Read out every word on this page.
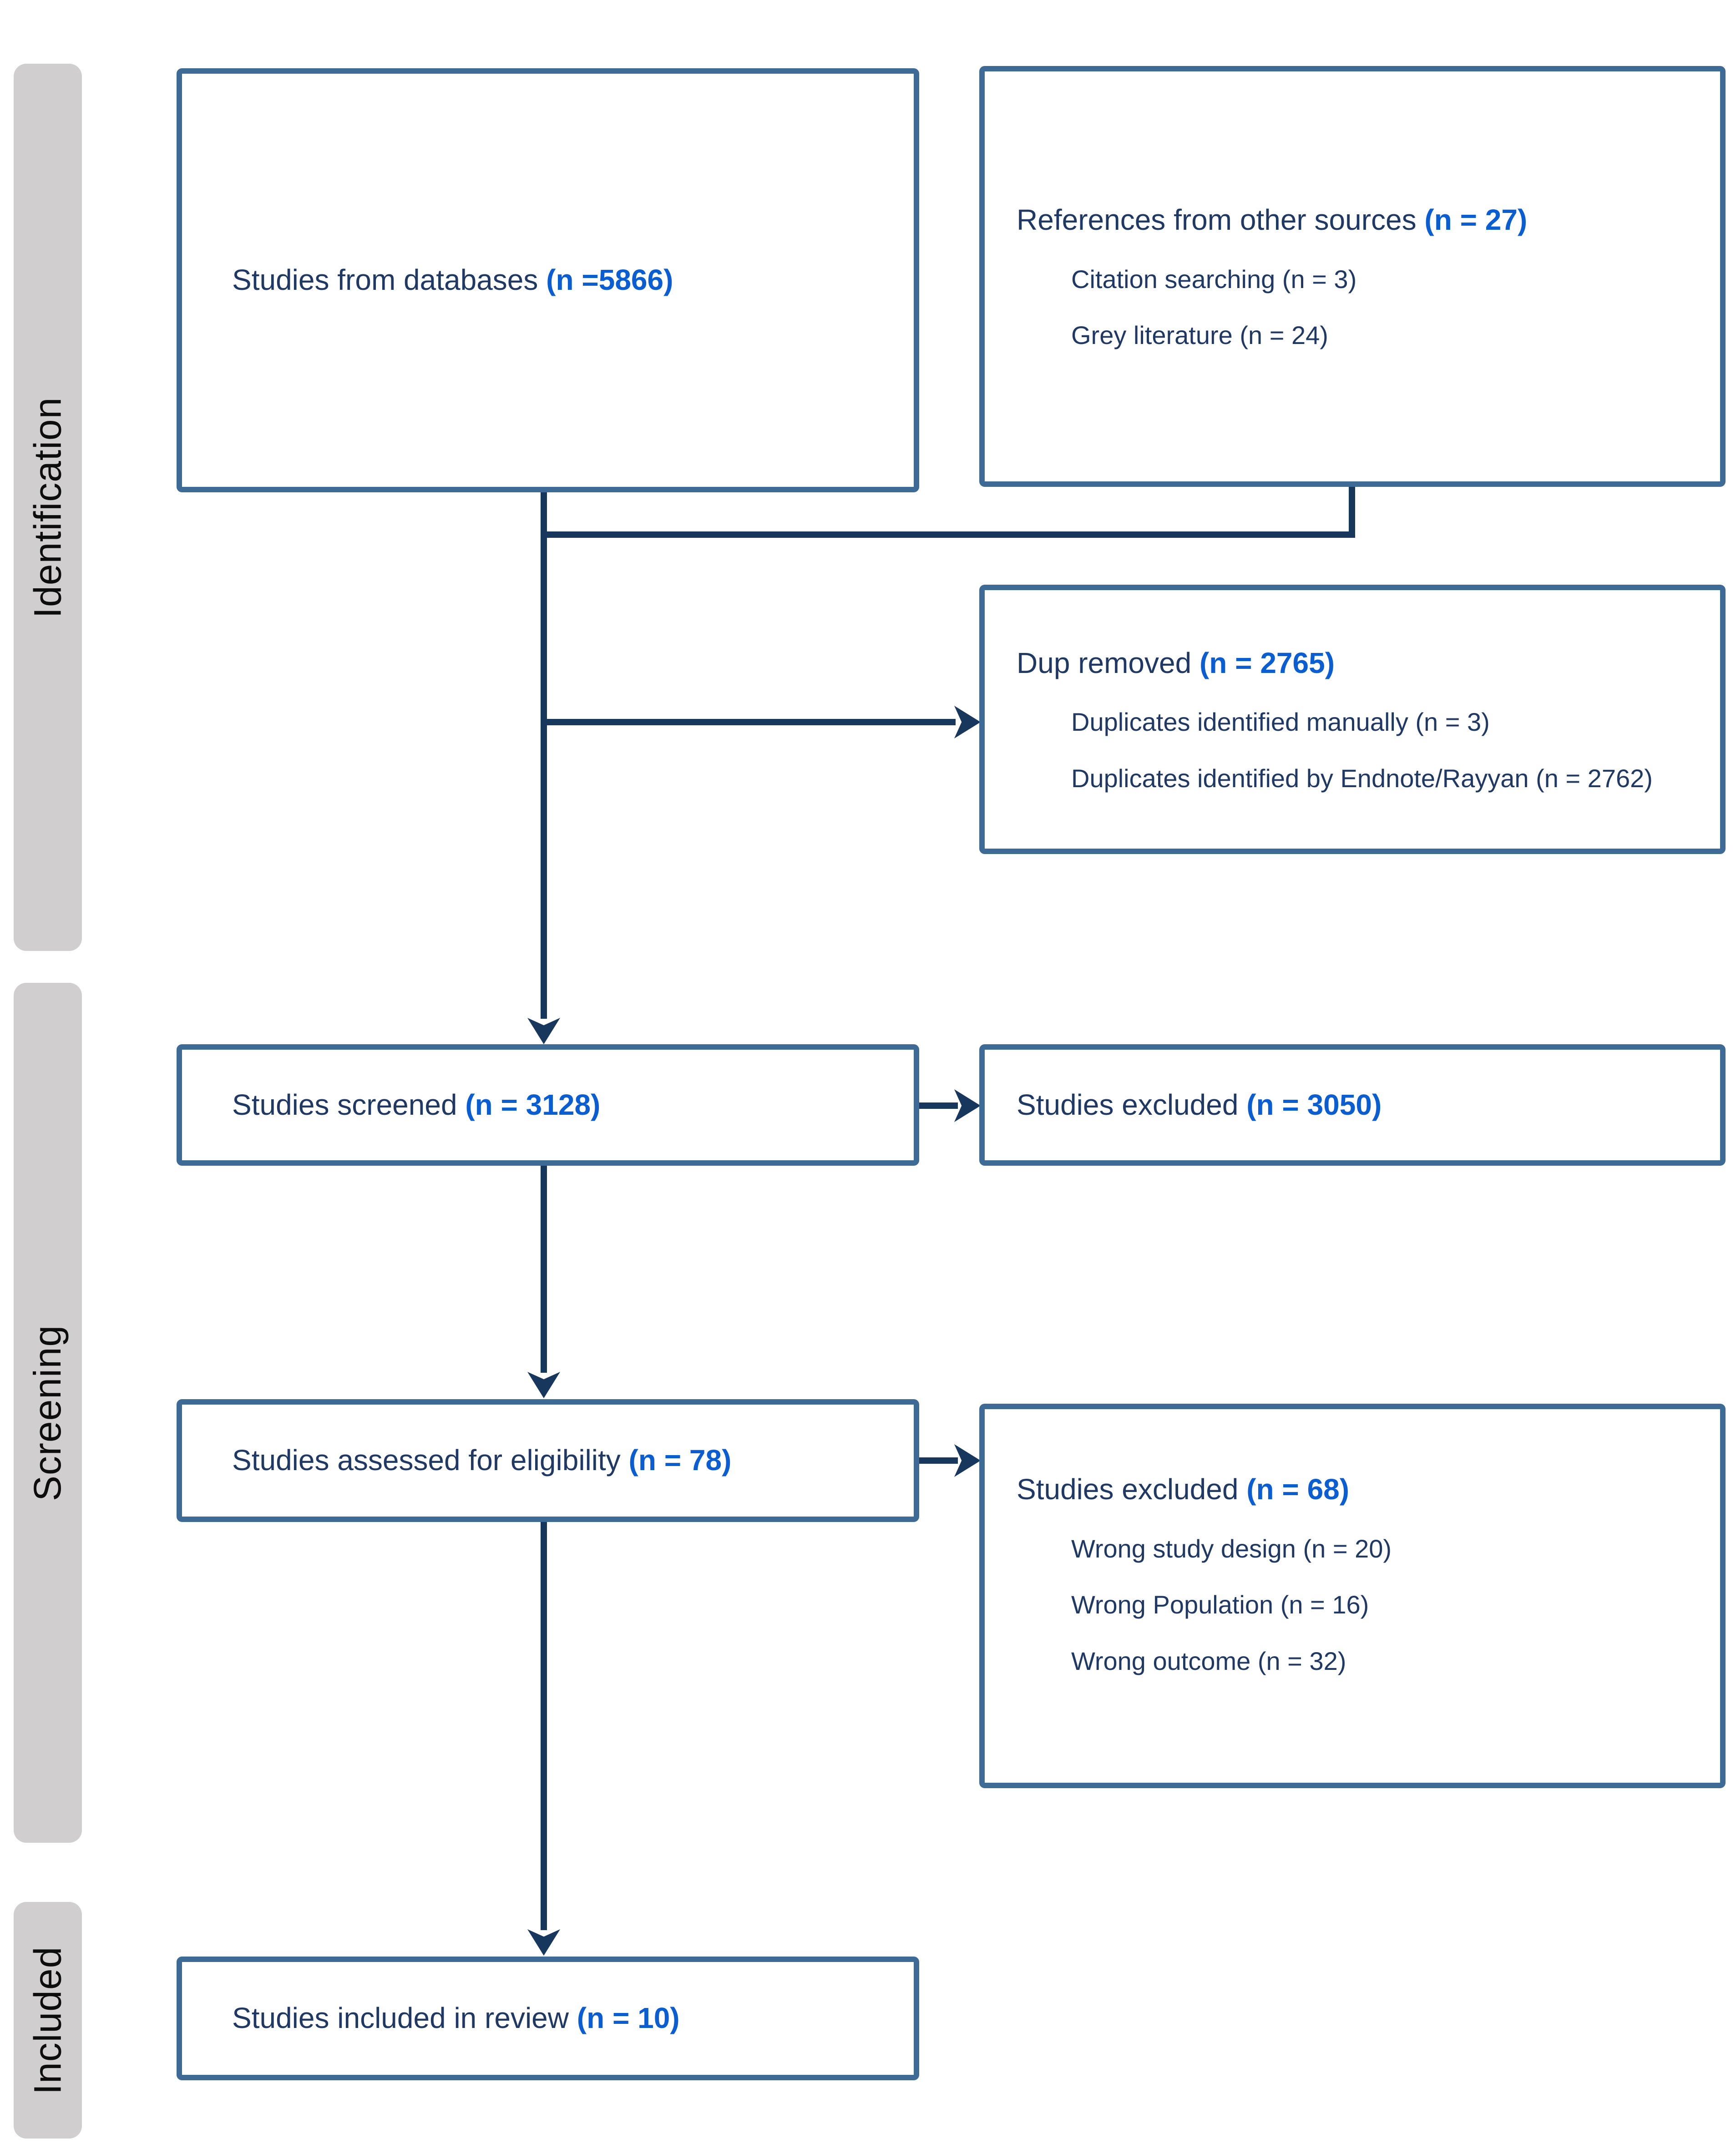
Identification
Screening
Included
Studies from databases (n =5866)
References from other sources (n = 27)
Citation searching (n = 3)
Grey literature (n = 24)
Dup removed (n = 2765)
Duplicates identified manually (n = 3)
Duplicates identified by Endnote/Rayyan (n = 2762)
Studies screened (n = 3128)	Studies excluded (n = 3050)
Studies assessed for eligibility (n = 78)
Studies excluded (n = 68)
Wrong study design (n = 20)
Wrong Population (n = 16)
Wrong outcome (n = 32)
Studies included in review (n = 10)
